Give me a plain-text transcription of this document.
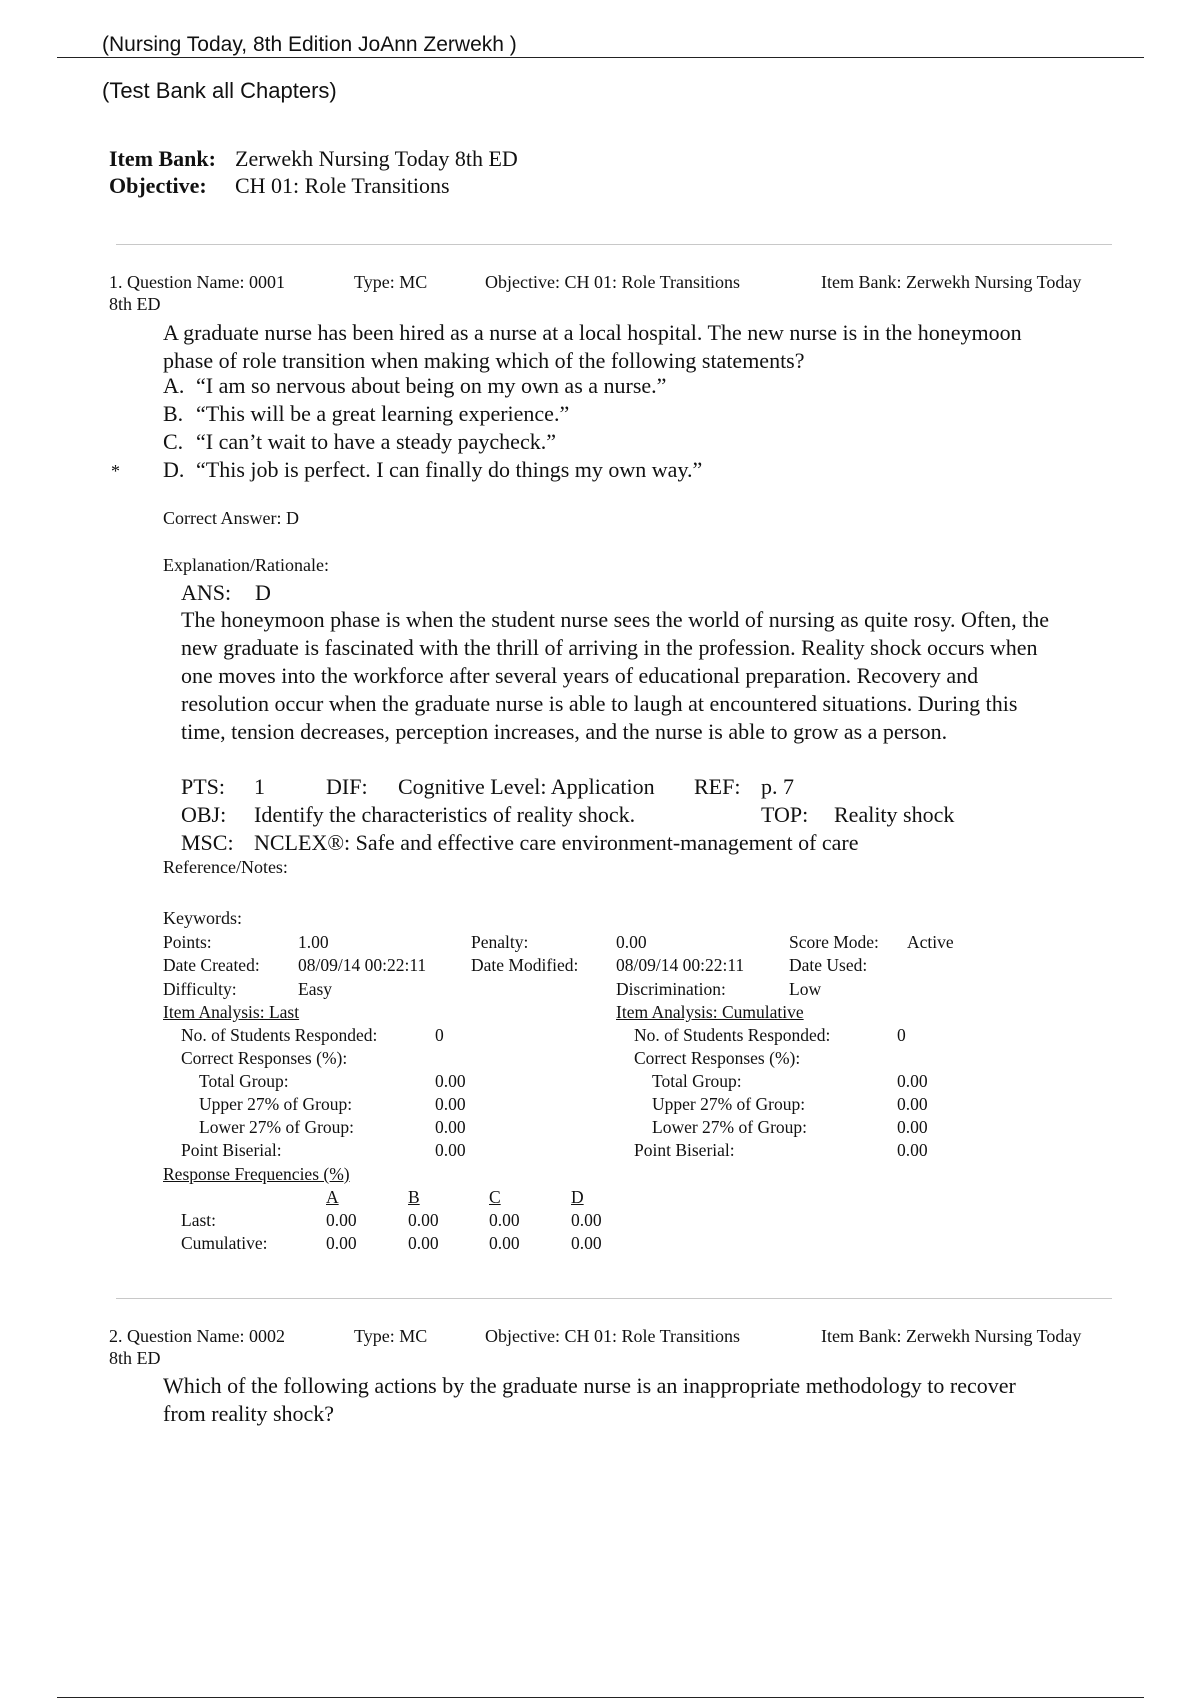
(Nursing Today, 8th Edition JoAnn Zerwekh )
(Test Bank all Chapters)
Item Bank: Zerwekh Nursing Today 8th ED
Objective: CH 01: Role Transitions
1. Question Name: 0001	Type: MC	Objective: CH 01: Role Transitions	Item Bank: Zerwekh Nursing Today
8th ED
A graduate nurse has been hired as a nurse at a local hospital. The new nurse is in the honeymoon
phase of role transition when making which of the following statements?
A. “I am so nervous about being on my own as a nurse.”
B. “This will be a great learning experience.”
C. “I can’t wait to have a steady paycheck.”
* D. “This job is perfect. I can finally do things my own way.”
Correct Answer: D
Explanation/Rationale:
ANS: D
The honeymoon phase is when the student nurse sees the world of nursing as quite rosy. Often, the
new graduate is fascinated with the thrill of arriving in the profession. Reality shock occurs when
one moves into the workforce after several years of educational preparation. Recovery and
resolution occur when the graduate nurse is able to laugh at encountered situations. During this
time, tension decreases, perception increases, and the nurse is able to grow as a person.
PTS: 1	DIF: Cognitive Level: Application REF: p. 7
OBJ: Identify the characteristics of reality shock.	TOP: Reality shock
MSC: NCLEX®: Safe and effective care environment-management of care
Reference/Notes:
Keywords:
Points:	1.00	Penalty:	0.00	Score Mode: Active
Date Created: 08/09/14 00:22:11	Date Modified: 08/09/14 00:22:11	Date Used:
Difficulty:	Easy	Discrimination:	Low
Item Analysis: Last
No. of Students Responded:	0
Correct Responses (%):
Total Group:	0.00
Upper 27% of Group:	0.00
Lower 27% of Group:	0.00
Point Biserial:	0.00
Item Analysis: Cumulative
No. of Students Responded:	0
Correct Responses (%):
Total Group:	0.00
Upper 27% of Group:	0.00
Lower 27% of Group:	0.00
Point Biserial:	0.00
Response Frequencies (%)
A	B	C	D
Last:	0.00	0.00	0.00	0.00
Cumulative:	0.00	0.00	0.00	0.00
2. Question Name: 0002	Type: MC	Objective: CH 01: Role Transitions	Item Bank: Zerwekh Nursing Today
8th ED
Which of the following actions by the graduate nurse is an inappropriate methodology to recover
from reality shock?
